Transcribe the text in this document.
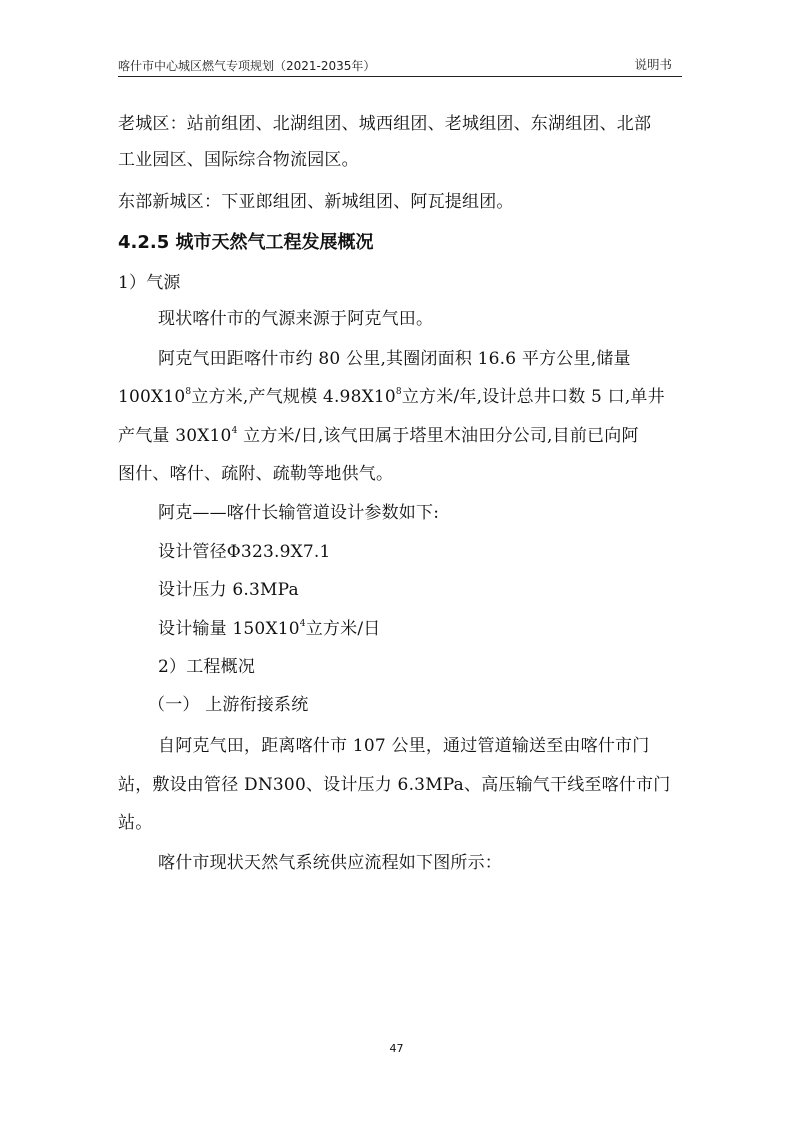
喀什市中心城区燃气专项规划（2021-2035年）	说明书
老城区：站前组团、北湖组团、城西组团、老城组团、东湖组团、北部
工业园区、国际综合物流园区。
东部新城区：下亚郎组团、新城组团、阿瓦提组团。
4.2.5 城市天然气工程发展概况
1）气源
现状喀什市的气源来源于阿克气田。
阿克气田距喀什市约 80 公里,其圈闭面积 16.6 平方公里,储量
$100X10^8$立方米,产气规模 $4.98X10^8$立方米/年,设计总井口数 5 口,单井
产气量 $30X10^4$ 立方米/日,该气田属于塔里木油田分公司,目前已向阿
图什、喀什、疏附、疏勒等地供气。
阿克——喀什长输管道设计参数如下:
设计管径Φ323.9X7.1
设计压力 6.3MPa
设计输量 $150X10^4$立方米/日
2）工程概况
（一） 上游衔接系统
自阿克气田，距离喀什市 107 公里，通过管道输送至由喀什市门
站，敷设由管径 DN300、设计压力 6.3MPa、高压输气干线至喀什市门
站。
喀什市现状天然气系统供应流程如下图所示：
47
